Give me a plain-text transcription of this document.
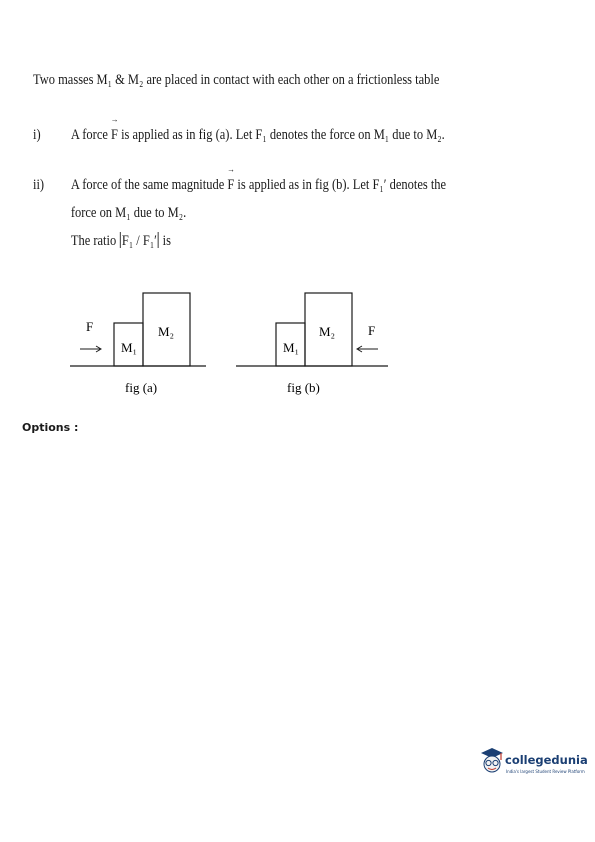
Two masses M₁ & M₂ are placed in contact with each other on a frictionless table
i) A force → F is applied as in fig (a). Let F₁ denotes the force on M₁ due to M₂.
ii) A force of the same magnitude → F is applied as in fig (b). Let F₁′ denotes the
force on M₁ due to M₂.
The ratio F₁ / F₁′ is
F
M₁
M₂
fig (a)
F
M₁
M₂
fig (b)
Options :
collegedunia
India's largest Student Review Platform
